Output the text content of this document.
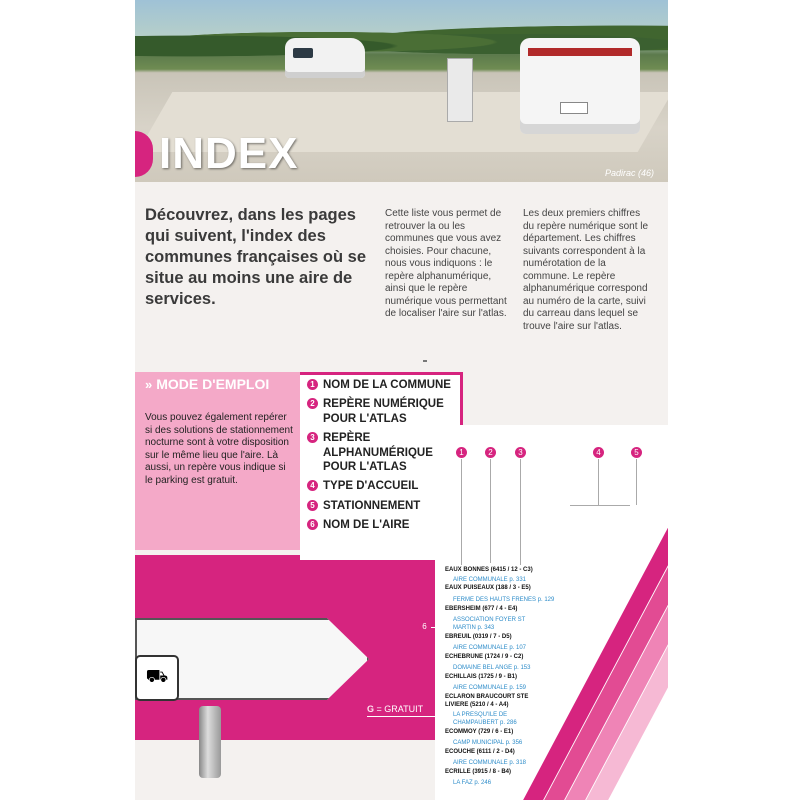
INDEX	Padirac (46)

Découvrez, dans les pages qui suivent, l'index des communes françaises où se situe au moins une aire de services.

Cette liste vous permet de retrouver la ou les communes que vous avez choisies. Pour chacune, nous vous indiquons : le repère alphanumérique, ainsi que le repère numérique vous permettant de localiser l'aire sur l'atlas.

Les deux premiers chiffres du repère numérique sont le département. Les chiffres suivants correspondent à la numérotation de la commune. Le repère alphanumérique correspond au numéro de la carte, suivi du carreau dans lequel se trouve l'aire sur l'atlas.

» MODE D'EMPLOI

Vous pouvez également repérer si des solutions de stationnement nocturne sont à votre disposition sur le même lieu que l'aire. Là aussi, un repère vous indique si le parking est gratuit.

1 NOM DE LA COMMUNE
2 REPÈRE NUMÉRIQUE POUR L'ATLAS
3 REPÈRE ALPHANUMÉRIQUE POUR L'ATLAS
4 TYPE D'ACCUEIL
5 STATIONNEMENT
6 NOM DE L'AIRE
⛟
1	2	3	4	5
EAUX BONNES (6415 / 12 - C3)
AIRE COMMUNALE p. 331
EAUX PUISEAUX (188 / 3 - E5)
FERME DES HAUTS FRENES p. 129
EBERSHEIM (677 / 4 - E4)
ASSOCIATION FOYER ST
MARTIN p. 343
EBREUIL (0319 / 7 - D5)
AIRE COMMUNALE p. 107
ECHEBRUNE (1724 / 9 - C2)
DOMAINE BEL ANGE p. 153
ECHILLAIS (1725 / 9 - B1)
AIRE COMMUNALE p. 159
ECLARON BRAUCOURT STE
LIVIERE (5210 / 4 - A4)
LA PRESQU'ILE DE
CHAMPAUBERT p. 286
ECOMMOY (729 / 6 - E1)
CAMP MUNICIPAL p. 356
ECOUCHE (6111 / 2 - D4)
AIRE COMMUNALE p. 318
ECRILLE (3915 / 8 - B4)
LA FAZ p. 246
6
G = GRATUIT
